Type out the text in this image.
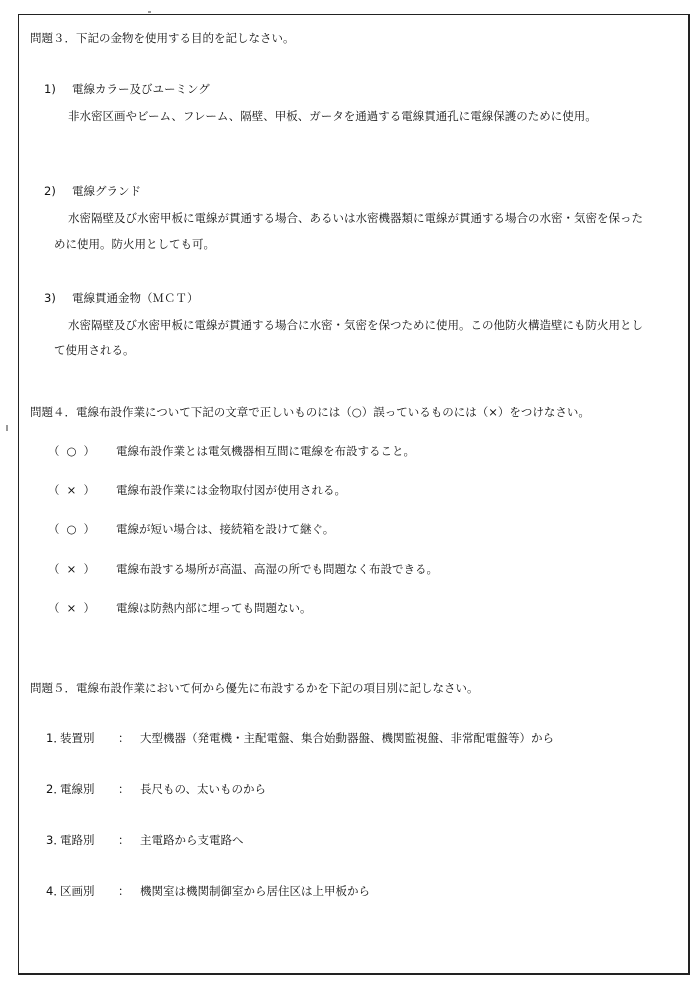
問題３．下記の金物を使用する目的を記しなさい。
1) 電線カラー及びユーミング
非水密区画やビーム、フレーム、隔壁、甲板、ガータを通過する電線貫通孔に電線保護のために使用。
2) 電線グランド
水密隔壁及び水密甲板に電線が貫通する場合、あるいは水密機器類に電線が貫通する場合の水密・気密を保った
めに使用。防火用としても可。
3) 電線貫通金物（ＭＣＴ）
水密隔壁及び水密甲板に電線が貫通する場合に水密・気密を保つために使用。この他防火構造壁にも防火用とし
て使用される。
問題４．電線布設作業について下記の文章で正しいものには（○）誤っているものには（×）をつけなさい。
（ ○ ） 電線布設作業とは電気機器相互間に電線を布設すること。
（ × ） 電線布設作業には金物取付図が使用される。
（ ○ ） 電線が短い場合は、接続箱を設けて継ぐ。
（ × ） 電線布設する場所が高温、高湿の所でも問題なく布設できる。
（ × ） 電線は防熱内部に埋っても問題ない。
問題５．電線布設作業において何から優先に布設するかを下記の項目別に記しなさい。
1．
装置別 ： 大型機器（発電機・主配電盤、集合始動器盤、機関監視盤、非常配電盤等）から
2．
電線別 ： 長尺もの、太いものから
3．
電路別 ： 主電路から支電路へ
4．
区画別 ： 機関室は機関制御室から居住区は上甲板から
